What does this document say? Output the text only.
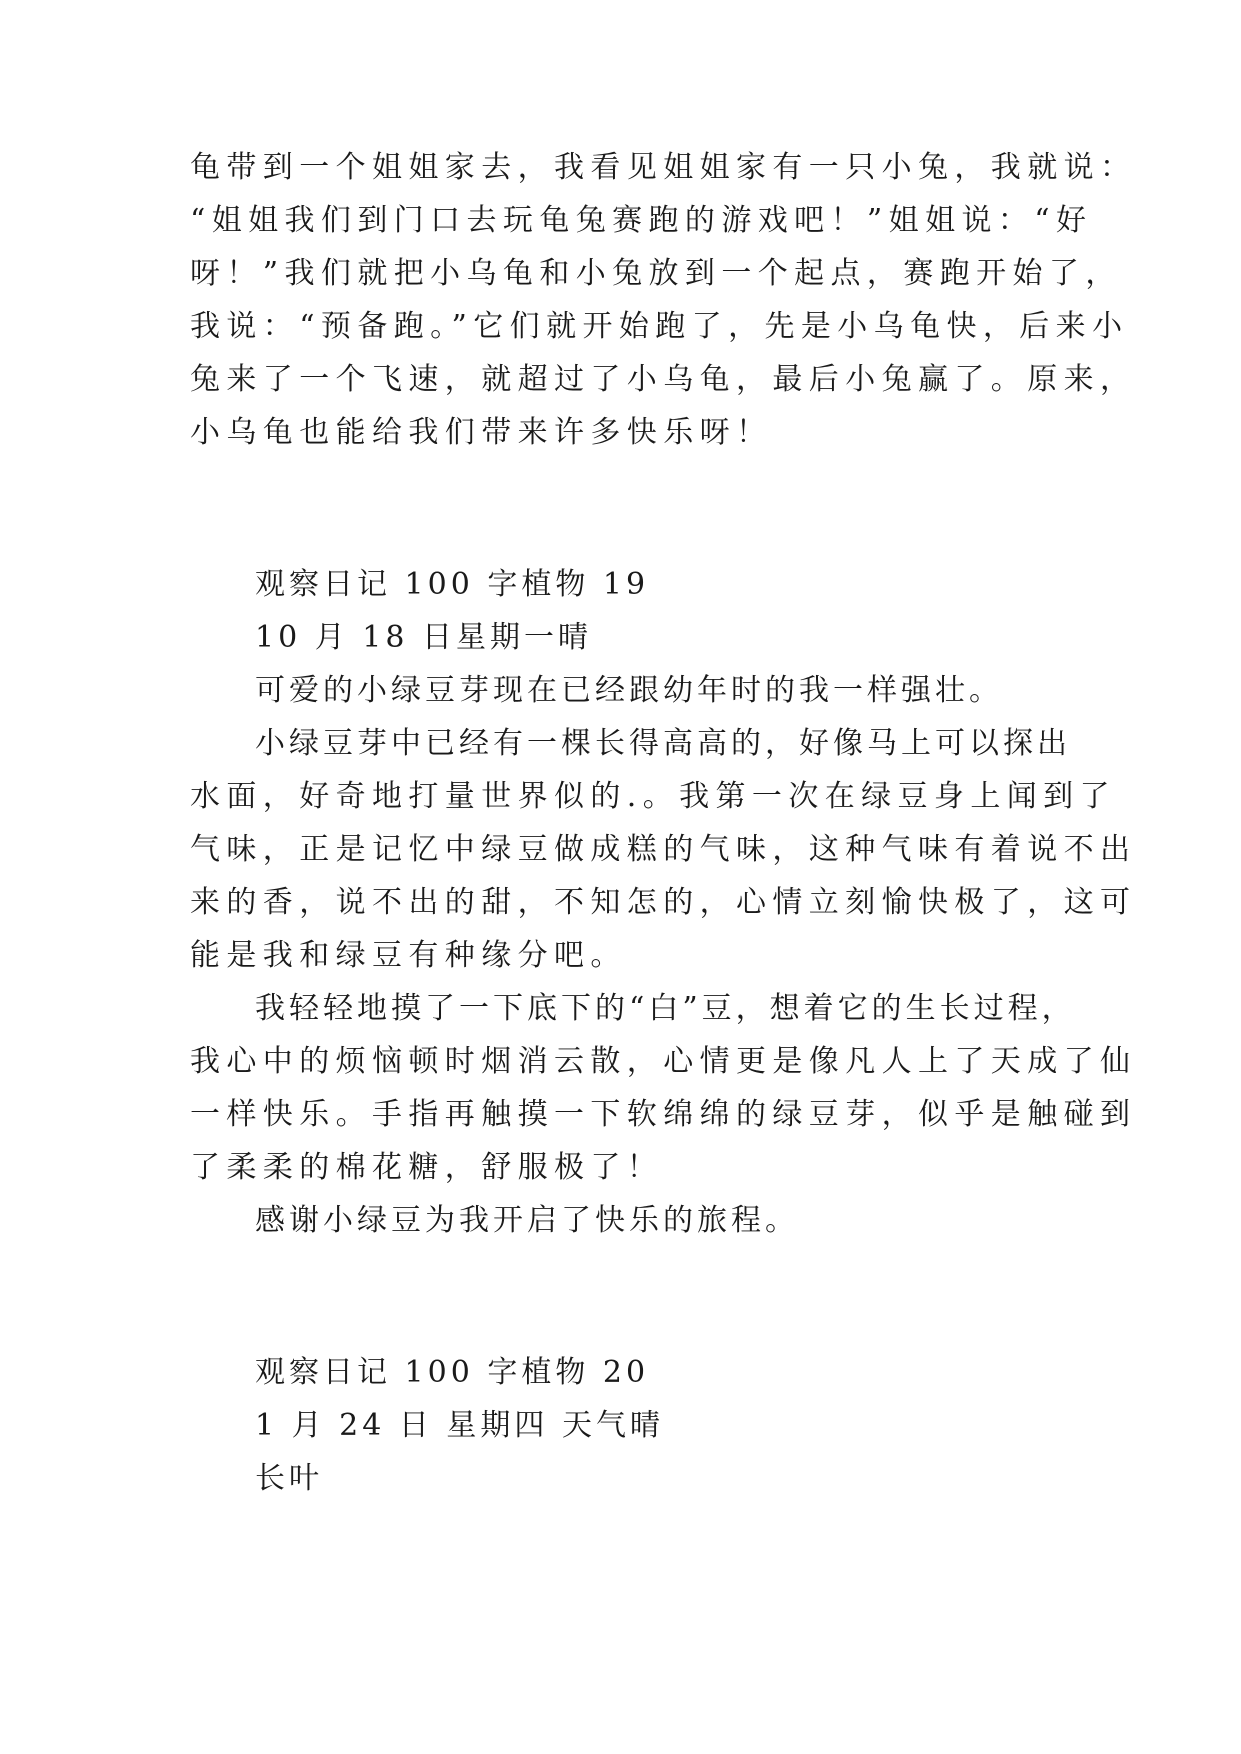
龟带到一个姐姐家去，我看见姐姐家有一只小兔，我就说：

“姐姐我们到门口去玩龟兔赛跑的游戏吧！”姐姐说：“好

呀！”我们就把小乌龟和小兔放到一个起点，赛跑开始了，

我说：“预备跑。”它们就开始跑了，先是小乌龟快，后来小

兔来了一个飞速，就超过了小乌龟，最后小兔赢了。原来，

小乌龟也能给我们带来许多快乐呀！

观察日记 100 字植物 19

10 月 18 日星期一晴

可爱的小绿豆芽现在已经跟幼年时的我一样强壮。

小绿豆芽中已经有一棵长得高高的，好像马上可以探出

水面，好奇地打量世界似的.。我第一次在绿豆身上闻到了

气味，正是记忆中绿豆做成糕的气味，这种气味有着说不出

来的香，说不出的甜，不知怎的，心情立刻愉快极了，这可

能是我和绿豆有种缘分吧。

我轻轻地摸了一下底下的“白”豆，想着它的生长过程，

我心中的烦恼顿时烟消云散，心情更是像凡人上了天成了仙

一样快乐。手指再触摸一下软绵绵的绿豆芽，似乎是触碰到

了柔柔的棉花糖，舒服极了！

感谢小绿豆为我开启了快乐的旅程。

观察日记 100 字植物 20

1 月 24 日 星期四 天气晴

长叶
